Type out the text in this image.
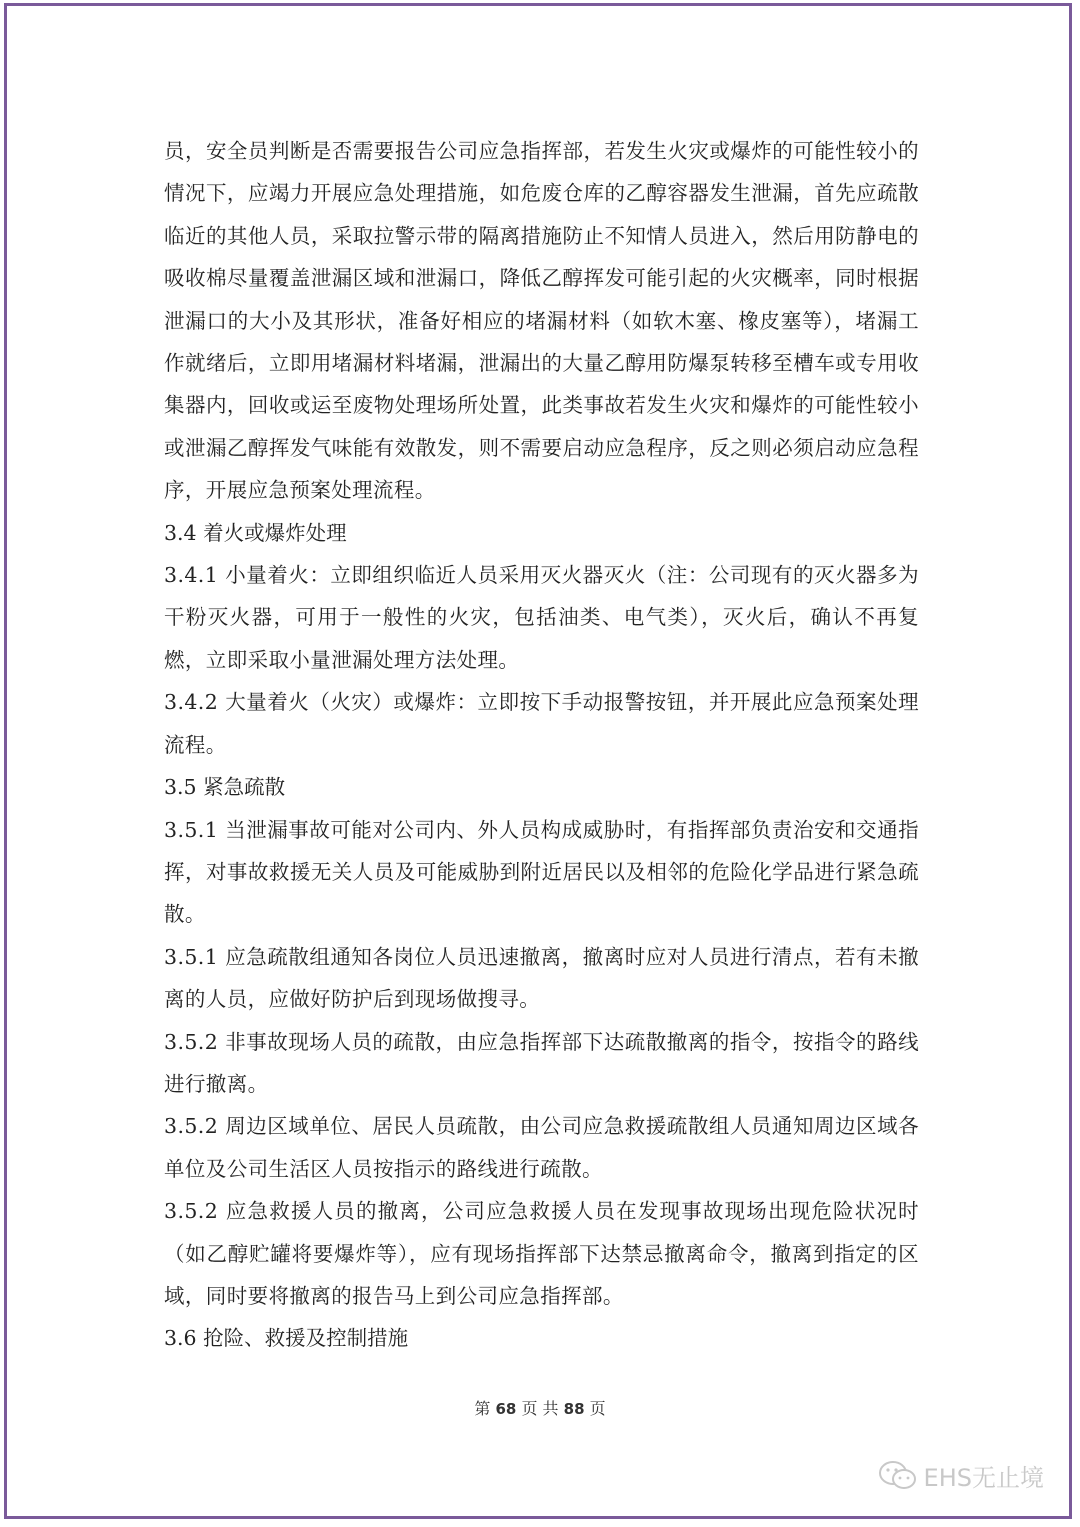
员，安全员判断是否需要报告公司应急指挥部，若发生火灾或爆炸的可能性较小的情况下，应竭力开展应急处理措施，如危废仓库的乙醇容器发生泄漏，首先应疏散临近的其他人员，采取拉警示带的隔离措施防止不知情人员进入，然后用防静电的吸收棉尽量覆盖泄漏区域和泄漏口，降低乙醇挥发可能引起的火灾概率，同时根据泄漏口的大小及其形状，准备好相应的堵漏材料（如软木塞、橡皮塞等），堵漏工作就绪后，立即用堵漏材料堵漏，泄漏出的大量乙醇用防爆泵转移至槽车或专用收集器内，回收或运至废物处理场所处置，此类事故若发生火灾和爆炸的可能性较小或泄漏乙醇挥发气味能有效散发，则不需要启动应急程序，反之则必须启动应急程序，开展应急预案处理流程。

3.4 着火或爆炸处理

3.4.1 小量着火：立即组织临近人员采用灭火器灭火（注：公司现有的灭火器多为干粉灭火器，可用于一般性的火灾，包括油类、电气类），灭火后，确认不再复燃，立即采取小量泄漏处理方法处理。

3.4.2 大量着火（火灾）或爆炸：立即按下手动报警按钮，并开展此应急预案处理流程。

3.5 紧急疏散

3.5.1 当泄漏事故可能对公司内、外人员构成威胁时，有指挥部负责治安和交通指挥，对事故救援无关人员及可能威胁到附近居民以及相邻的危险化学品进行紧急疏散。

3.5.1 应急疏散组通知各岗位人员迅速撤离，撤离时应对人员进行清点，若有未撤离的人员，应做好防护后到现场做搜寻。

3.5.2 非事故现场人员的疏散，由应急指挥部下达疏散撤离的指令，按指令的路线进行撤离。

3.5.2 周边区域单位、居民人员疏散，由公司应急救援疏散组人员通知周边区域各单位及公司生活区人员按指示的路线进行疏散。

3.5.2 应急救援人员的撤离，公司应急救援人员在发现事故现场出现危险状况时（如乙醇贮罐将要爆炸等），应有现场指挥部下达禁忌撤离命令，撤离到指定的区域，同时要将撤离的报告马上到公司应急指挥部。

3.6 抢险、救援及控制措施

第 68 页 共 88 页
EHS无止境
